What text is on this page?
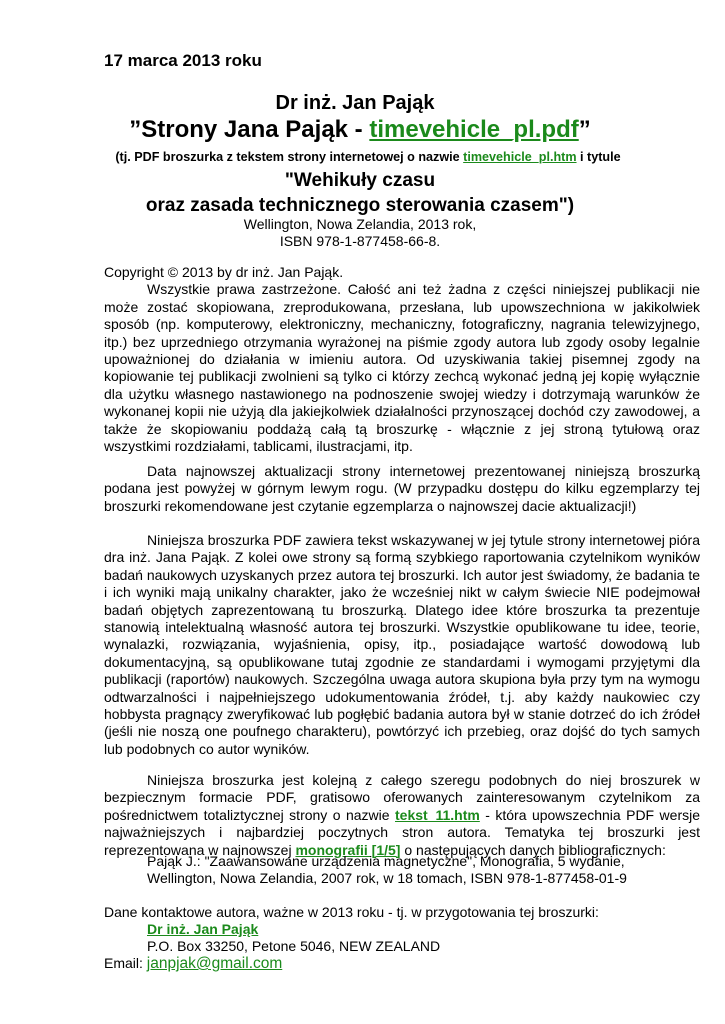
17 marca 2013 roku
Dr inż. Jan Pająk
”Strony Jana Pająk - timevehicle_pl.pdf”
(tj. PDF broszurka z tekstem strony internetowej o nazwie timevehicle_pl.htm i tytule
"Wehikuły czasu
oraz zasada technicznego sterowania czasem")
Wellington, Nowa Zelandia, 2013 rok,
ISBN 978-1-877458-66-8.
Copyright © 2013 by dr inż. Jan Pająk.
Wszystkie prawa zastrzeżone. Całość ani też żadna z części niniejszej publikacji nie może zostać skopiowana, zreprodukowana, przesłana, lub upowszechniona w jakikolwiek sposób (np. komputerowy, elektroniczny, mechaniczny, fotograficzny, nagrania telewizyjnego, itp.) bez uprzedniego otrzymania wyrażonej na piśmie zgody autora lub zgody osoby legalnie upoważnionej do działania w imieniu autora. Od uzyskiwania takiej pisemnej zgody na kopiowanie tej publikacji zwolnieni są tylko ci którzy zechcą wykonać jedną jej kopię wyłącznie dla użytku własnego nastawionego na podnoszenie swojej wiedzy i dotrzymają warunków że wykonanej kopii nie użyją dla jakiejkolwiek działalności przynoszącej dochód czy zawodowej, a także że skopiowaniu poddażą całą tą broszurkę - włącznie z jej stroną tytułową oraz wszystkimi rozdziałami, tablicami, ilustracjami, itp.
Data najnowszej aktualizacji strony internetowej prezentowanej niniejszą broszurką podana jest powyżej w górnym lewym rogu. (W przypadku dostępu do kilku egzemplarzy tej broszurki rekomendowane jest czytanie egzemplarza o najnowszej dacie aktualizacji!)
Niniejsza broszurka PDF zawiera tekst wskazywanej w jej tytule strony internetowej pióra dra inż. Jana Pająk. Z kolei owe strony są formą szybkiego raportowania czytelnikom wyników badań naukowych uzyskanych przez autora tej broszurki. Ich autor jest świadomy, że badania te i ich wyniki mają unikalny charakter, jako że wcześniej nikt w całym świecie NIE podejmował badań objętych zaprezentowaną tu broszurką. Dlatego idee które broszurka ta prezentuje stanowią intelektualną własność autora tej broszurki. Wszystkie opublikowane tu idee, teorie, wynalazki, rozwiązania, wyjaśnienia, opisy, itp., posiadające wartość dowodową lub dokumentacyjną, są opublikowane tutaj zgodnie ze standardami i wymogami przyjętymi dla publikacji (raportów) naukowych. Szczególna uwaga autora skupiona była przy tym na wymogu odtwarzalności i najpełniejszego udokumentowania źródeł, t.j. aby każdy naukowiec czy hobbysta pragnący zweryfikować lub pogłębić badania autora był w stanie dotrzeć do ich źródeł (jeśli nie noszą one poufnego charakteru), powtórzyć ich przebieg, oraz dojść do tych samych lub podobnych co autor wyników.
Niniejsza broszurka jest kolejną z całego szeregu podobnych do niej broszurek w bezpiecznym formacie PDF, gratisowo oferowanych zainteresowanym czytelnikom za pośrednictwem totaliztycznej strony o nazwie tekst_11.htm - która upowszechnia PDF wersje najważniejszych i najbardziej poczytnych stron autora. Tematyka tej broszurki jest reprezentowana w najnowszej monografii [1/5] o następujących danych bibliograficznych:
Pająk J.: "Zaawansowane urządzenia magnetyczne", Monografia, 5 wydanie,
Wellington, Nowa Zelandia, 2007 rok, w 18 tomach, ISBN 978-1-877458-01-9
Dane kontaktowe autora, ważne w 2013 roku - tj. w przygotowania tej broszurki:
Dr inż. Jan Pająk
P.O. Box 33250, Petone 5046, NEW ZEALAND
Email: janpjak@gmail.com
